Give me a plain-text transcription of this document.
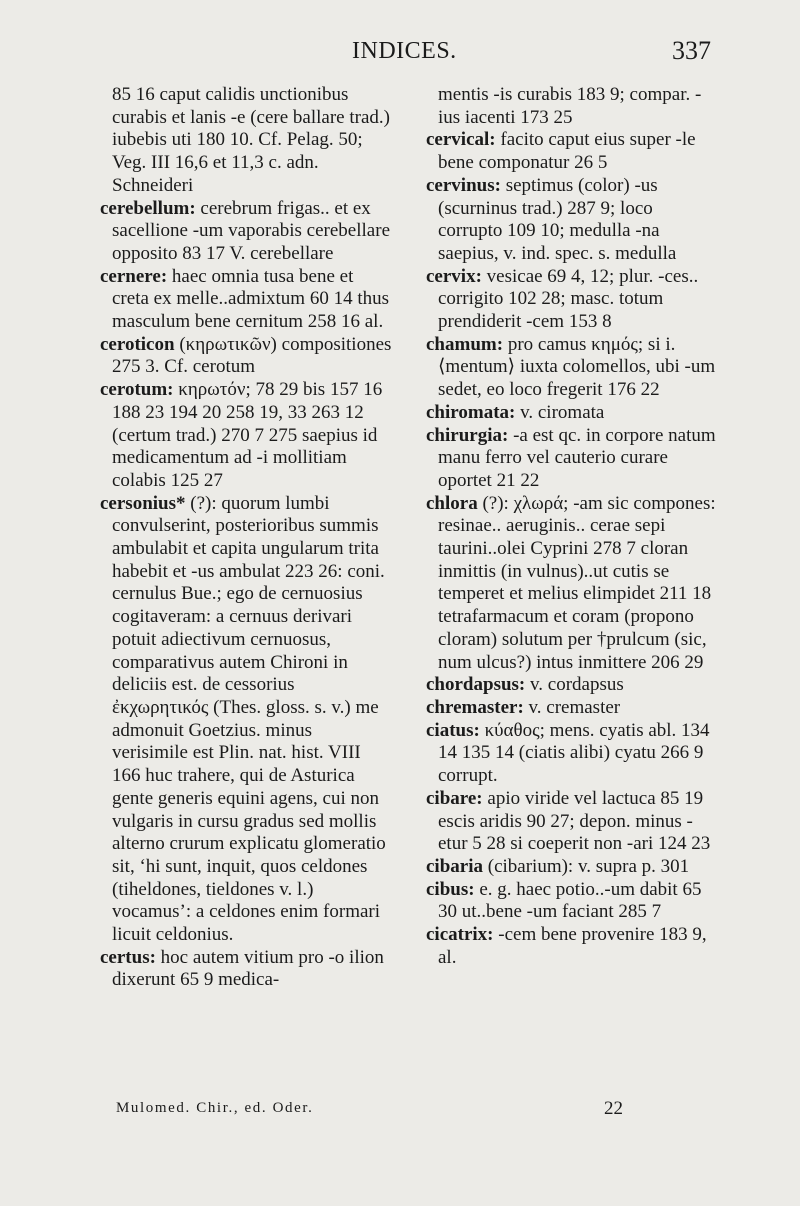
INDICES.	337

85 16 caput calidis unctionibus curabis et lanis -e (cere ballare trad.) iubebis uti 180 10. Cf. Pelag. 50; Veg. III 16,6 et 11,3 c. adn. Schneideri

cerebellum: cerebrum frigas.. et ex sacellione -um vaporabis cerebellare opposito 83 17 V. cerebellare

cernere: haec omnia tusa bene et creta ex melle..admixtum 60 14 thus masculum bene cernitum 258 16 al.

ceroticon (κηρωτικῶν) compositiones 275 3. Cf. cerotum

cerotum: κηρωτόν; 78 29 bis 157 16 188 23 194 20 258 19, 33 263 12 (certum trad.) 270 7 275 saepius id medicamentum ad -i mollitiam colabis 125 27

cersonius* (?): quorum lumbi convulserint, posterioribus summis ambulabit et capita ungularum trita habebit et -us ambulat 223 26: coni. cernulus Bue.; ego de cernuosius cogitaveram: a cernuus derivari potuit adiectivum cernuosus, comparativus autem Chironi in deliciis est. de cessorius ἐκχωρητικός (Thes. gloss. s. v.) me admonuit Goetzius. minus verisimile est Plin. nat. hist. VIII 166 huc trahere, qui de Asturica gente generis equini agens, cui non vulgaris in cursu gradus sed mollis alterno crurum explicatu glomeratio sit, ‘hi sunt, inquit, quos celdones (tiheldones, tieldones v. l.) vocamus’: a celdones enim formari licuit celdonius.

certus: hoc autem vitium pro -o ilion dixerunt 65 9 medica-

mentis -is curabis 183 9; compar. -ius iacenti 173 25

cervical: facito caput eius super -le bene componatur 26 5

cervinus: septimus (color) -us (scurninus trad.) 287 9; loco corrupto 109 10; medulla -na saepius, v. ind. spec. s. medulla

cervix: vesicae 69 4, 12; plur. -ces.. corrigito 102 28; masc. totum prendiderit -cem 153 8

chamum: pro camus κημός; si i. ⟨mentum⟩ iuxta colomellos, ubi -um sedet, eo loco fregerit 176 22

chiromata: v. ciromata

chirurgia: -a est qc. in corpore natum manu ferro vel cauterio curare oportet 21 22

chlora (?): χλωρά; -am sic compones: resinae.. aeruginis.. cerae sepi taurini..olei Cyprini 278 7 cloran inmittis (in vulnus)..ut cutis se temperet et melius elimpidet 211 18 tetrafarmacum et coram (propono cloram) solutum per †prulcum (sic, num ulcus?) intus inmittere 206 29

chordapsus: v. cordapsus

chremaster: v. cremaster

ciatus: κύαθος; mens. cyatis abl. 134 14 135 14 (ciatis alibi) cyatu 266 9 corrupt.

cibare: apio viride vel lactuca 85 19 escis aridis 90 27; depon. minus -etur 5 28 si coeperit non -ari 124 23

cibaria (cibarium): v. supra p. 301

cibus: e. g. haec potio..-um dabit 65 30 ut..bene -um faciant 285 7

cicatrix: -cem bene provenire 183 9, al.

Mulomed. Chir., ed. Oder.	22
